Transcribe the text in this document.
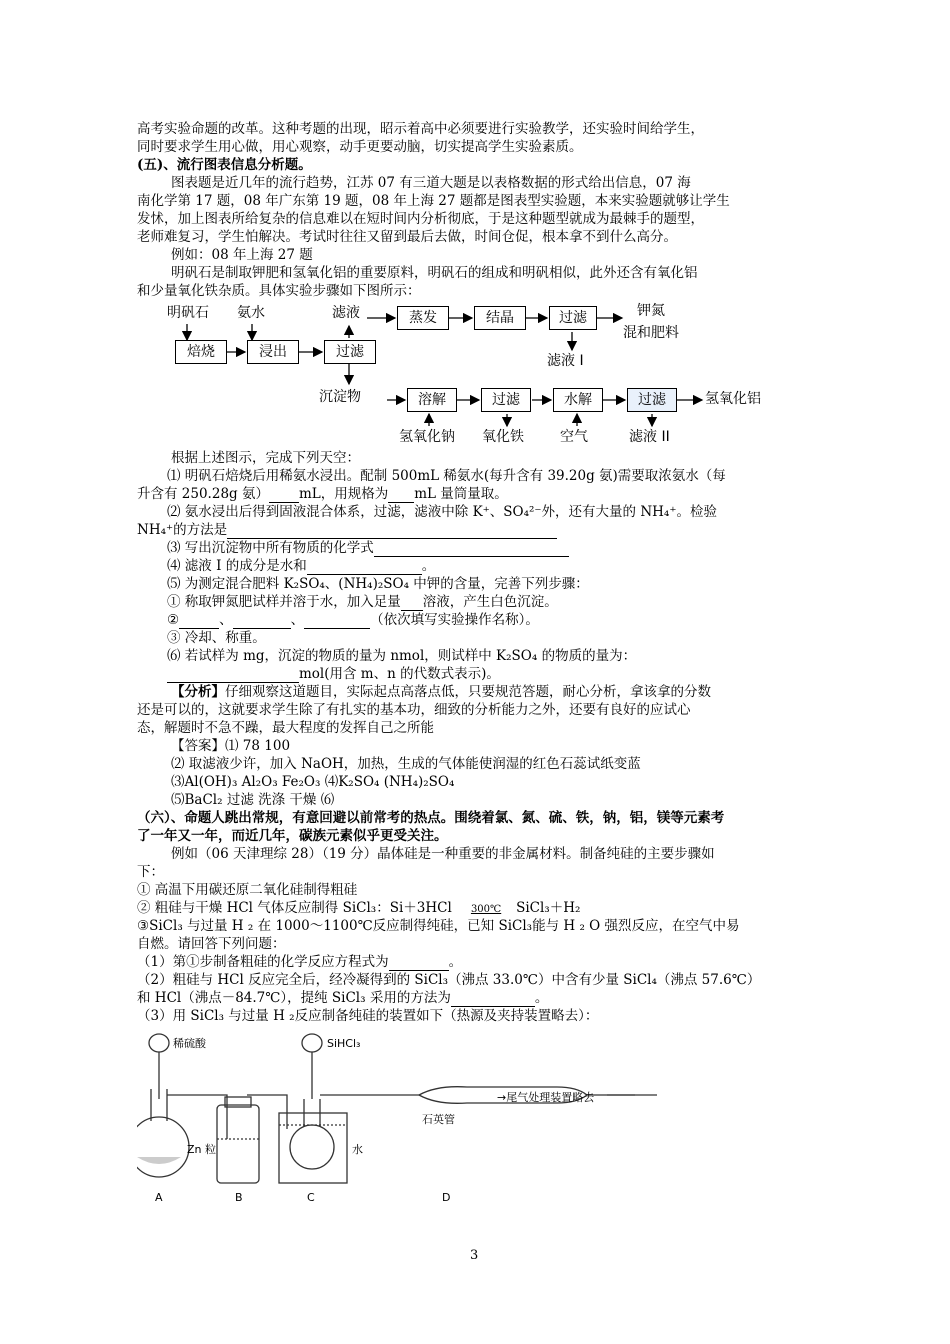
高考实验命题的改革。这种考题的出现，昭示着高中必须要进行实验教学，还实验时间给学生，

同时要求学生用心做，用心观察，动手更要动脑，切实提高学生实验素质。

(五)、流行图表信息分析题。

图表题是近几年的流行趋势，江苏 07 有三道大题是以表格数据的形式给出信息，07 海

南化学第 17 题，08 年广东第 19 题，08 年上海 27 题都是图表型实验题，本来实验题就够让学生

发怵，加上图表所给复杂的信息难以在短时间内分析彻底，于是这种题型就成为最棘手的题型，

老师难复习，学生怕解决。考试时往往又留到最后去做，时间仓促，根本拿不到什么高分。

例如：08 年上海 27 题

明矾石是制取钾肥和氢氧化铝的重要原料，明矾石的组成和明矾相似，此外还含有氧化铝

和少量氧化铁杂质。具体实验步骤如下图所示：

明矾石 氨水	滤液	钾氮
混和肥料
滤液 I
焙烧	浸出	过滤
蒸发	结晶	过滤
沉淀物	溶解	过滤	水解	过滤	氢氧化铝
氢氧化钠 氧化铁	空气	滤液 II

根据上述图示，完成下列天空：

⑴ 明矾石焙烧后用稀氨水浸出。配制 500mL 稀氨水(每升含有 39.20g 氨)需要取浓氨水（每

升含有 250.28g 氨） mL，用规格为 mL 量筒量取。

⑵ 氨水浸出后得到固液混合体系，过滤，滤液中除 K⁺、SO₄²⁻外，还有大量的 NH₄⁺。检验

NH₄⁺的方法是

⑶ 写出沉淀物中所有物质的化学式

⑷ 滤液 I 的成分是水和	。

⑸ 为测定混合肥料 K₂SO₄、(NH₄)₂SO₄ 中钾的含量，完善下列步骤：

① 称取钾氮肥试样并溶于水，加入足量 溶液，产生白色沉淀。

②	、	、	（依次填写实验操作名称）。

③ 冷却、称重。

⑹ 若试样为 mg，沉淀的物质的量为 nmol，则试样中 K₂SO₄ 的物质的量为：

mol(用含 m、n 的代数式表示)。

【分析】仔细观察这道题目，实际起点高落点低，只要规范答题，耐心分析，拿该拿的分数

还是可以的，这就要求学生除了有扎实的基本功，细致的分析能力之外，还要有良好的应试心

态，解题时不急不躁，最大程度的发挥自己之所能

【答案】⑴ 78 100

⑵ 取滤液少许，加入 NaOH，加热，生成的气体能使润湿的红色石蕊试纸变蓝

⑶Al(OH)₃ Al₂O₃ Fe₂O₃ ⑷K₂SO₄ (NH₄)₂SO₄

⑸BaCl₂ 过滤 洗涤 干燥 ⑹

（六）、命题人跳出常规，有意回避以前常考的热点。围绕着氯、氮、硫、铁，钠，铝，镁等元素考

了一年又一年，而近几年，碳族元素似乎更受关注。

例如（06 天津理综 28）（19 分）晶体硅是一种重要的非金属材料。制备纯硅的主要步骤如

下：

① 高温下用碳还原二氧化硅制得粗硅

② 粗硅与干燥 HCl 气体反应制得 SiCl₃：Si＋3HCl	300℃	SiCl₃＋H₂

③SiCl₃ 与过量 H ₂ 在 1000～1100℃反应制得纯硅，已知 SiCl₃能与 H ₂ O 强烈反应，在空气中易

自燃。请回答下列问题：

（1）第①步制备粗硅的化学反应方程式为	。

（2）粗硅与 HCl 反应完全后，经冷凝得到的 SiCl₃（沸点 33.0℃）中含有少量 SiCl₄（沸点 57.6℃）

和 HCl（沸点－84.7℃），提纯 SiCl₃ 采用的方法为	。

（3）用 SiCl₃ 与过量 H ₂反应制备纯硅的装置如下（热源及夹持装置略去）：

稀硫酸	SiHCl₃
→尾气处理装置略去
石英管
Zn 粒	水
A	B	C	D
3
